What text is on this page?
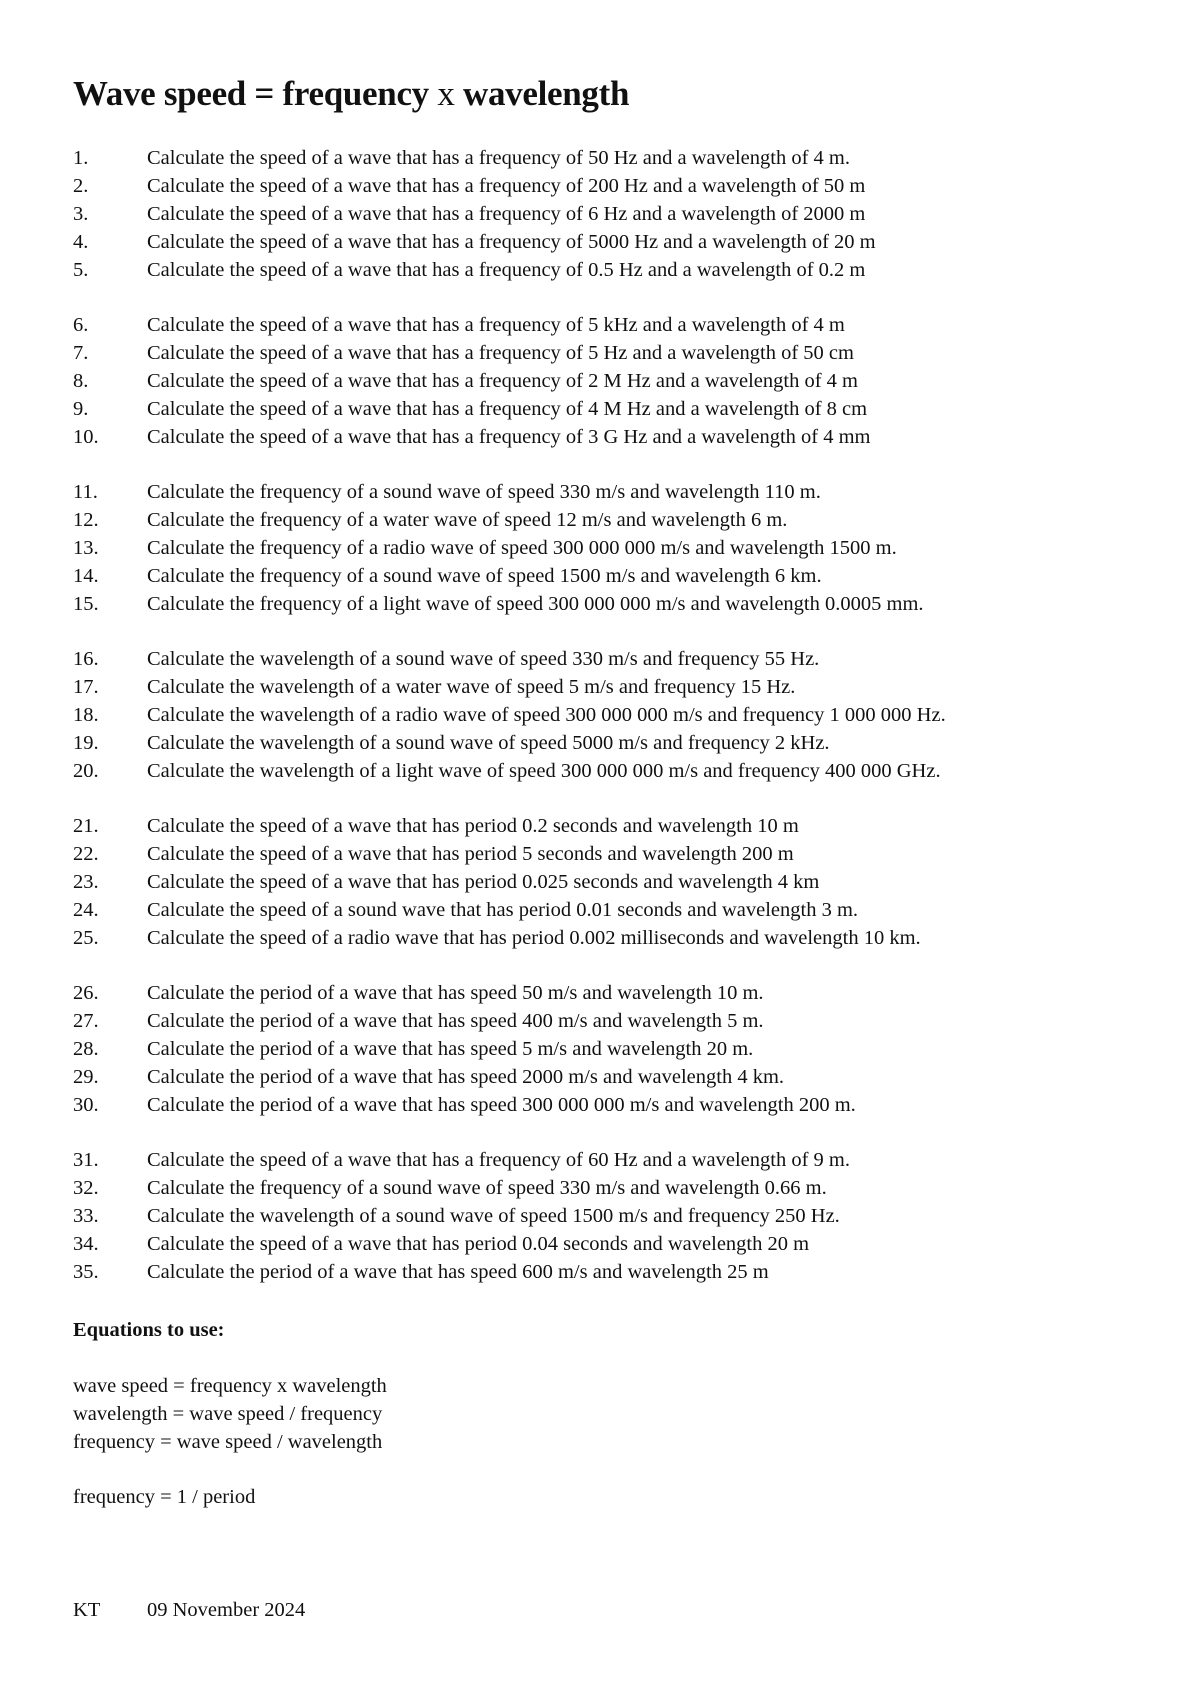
Wave speed = frequency x wavelength
1.	Calculate the speed of a wave that has a frequency of 50 Hz and a wavelength of 4 m.
2.	Calculate the speed of a wave that has a frequency of 200 Hz and a wavelength of 50 m
3.	Calculate the speed of a wave that has a frequency of 6 Hz and a wavelength of 2000 m
4.	Calculate the speed of a wave that has a frequency of 5000 Hz and a wavelength of 20 m
5.	Calculate the speed of a wave that has a frequency of 0.5 Hz and a wavelength of 0.2 m
6.	Calculate the speed of a wave that has a frequency of 5 kHz and a wavelength of 4 m
7.	Calculate the speed of a wave that has a frequency of 5 Hz and a wavelength of 50 cm
8.	Calculate the speed of a wave that has a frequency of 2 M Hz and a wavelength of 4 m
9.	Calculate the speed of a wave that has a frequency of 4 M Hz and a wavelength of 8 cm
10.	Calculate the speed of a wave that has a frequency of 3 G Hz and a wavelength of 4 mm
11.	Calculate the frequency of a sound wave of speed 330 m/s and wavelength 110 m.
12.	Calculate the frequency of a water wave of speed 12 m/s and wavelength 6 m.
13.	Calculate the frequency of a radio wave of speed 300 000 000 m/s and wavelength 1500 m.
14.	Calculate the frequency of a sound wave of speed 1500 m/s and wavelength 6 km.
15.	Calculate the frequency of a light wave of speed 300 000 000 m/s and wavelength 0.0005 mm.
16.	Calculate the wavelength of a sound wave of speed 330 m/s and frequency 55 Hz.
17.	Calculate the wavelength of a water wave of speed 5 m/s and frequency 15 Hz.
18.	Calculate the wavelength of a radio wave of speed 300 000 000 m/s and frequency 1 000 000 Hz.
19.	Calculate the wavelength of a sound wave of speed 5000 m/s and frequency 2 kHz.
20.	Calculate the wavelength of a light wave of speed 300 000 000 m/s and frequency 400 000 GHz.
21.	Calculate the speed of a wave that has period 0.2 seconds and wavelength 10 m
22.	Calculate the speed of a wave that has period 5 seconds and wavelength 200 m
23.	Calculate the speed of a wave that has period 0.025 seconds and wavelength 4 km
24.	Calculate the speed of a sound wave that has period 0.01 seconds and wavelength 3 m.
25.	Calculate the speed of a radio wave that has period 0.002 milliseconds and wavelength 10 km.
26.	Calculate the period of a wave that has speed 50 m/s and wavelength 10 m.
27.	Calculate the period of a wave that has speed 400 m/s and wavelength 5 m.
28.	Calculate the period of a wave that has speed 5 m/s and wavelength 20 m.
29.	Calculate the period of a wave that has speed 2000 m/s and wavelength 4 km.
30.	Calculate the period of a wave that has speed 300 000 000 m/s and wavelength 200 m.
31.	Calculate the speed of a wave that has a frequency of 60 Hz and a wavelength of 9 m.
32.	Calculate the frequency of a sound wave of speed 330 m/s and wavelength 0.66 m.
33.	Calculate the wavelength of a sound wave of speed 1500 m/s and frequency 250 Hz.
34.	Calculate the speed of a wave that has period 0.04 seconds and wavelength 20 m
35.	Calculate the period of a wave that has speed 600 m/s and wavelength 25 m
Equations to use:
wave speed = frequency x wavelength
wavelength = wave speed / frequency
frequency = wave speed / wavelength
frequency = 1 / period
KT	09 November 2024
